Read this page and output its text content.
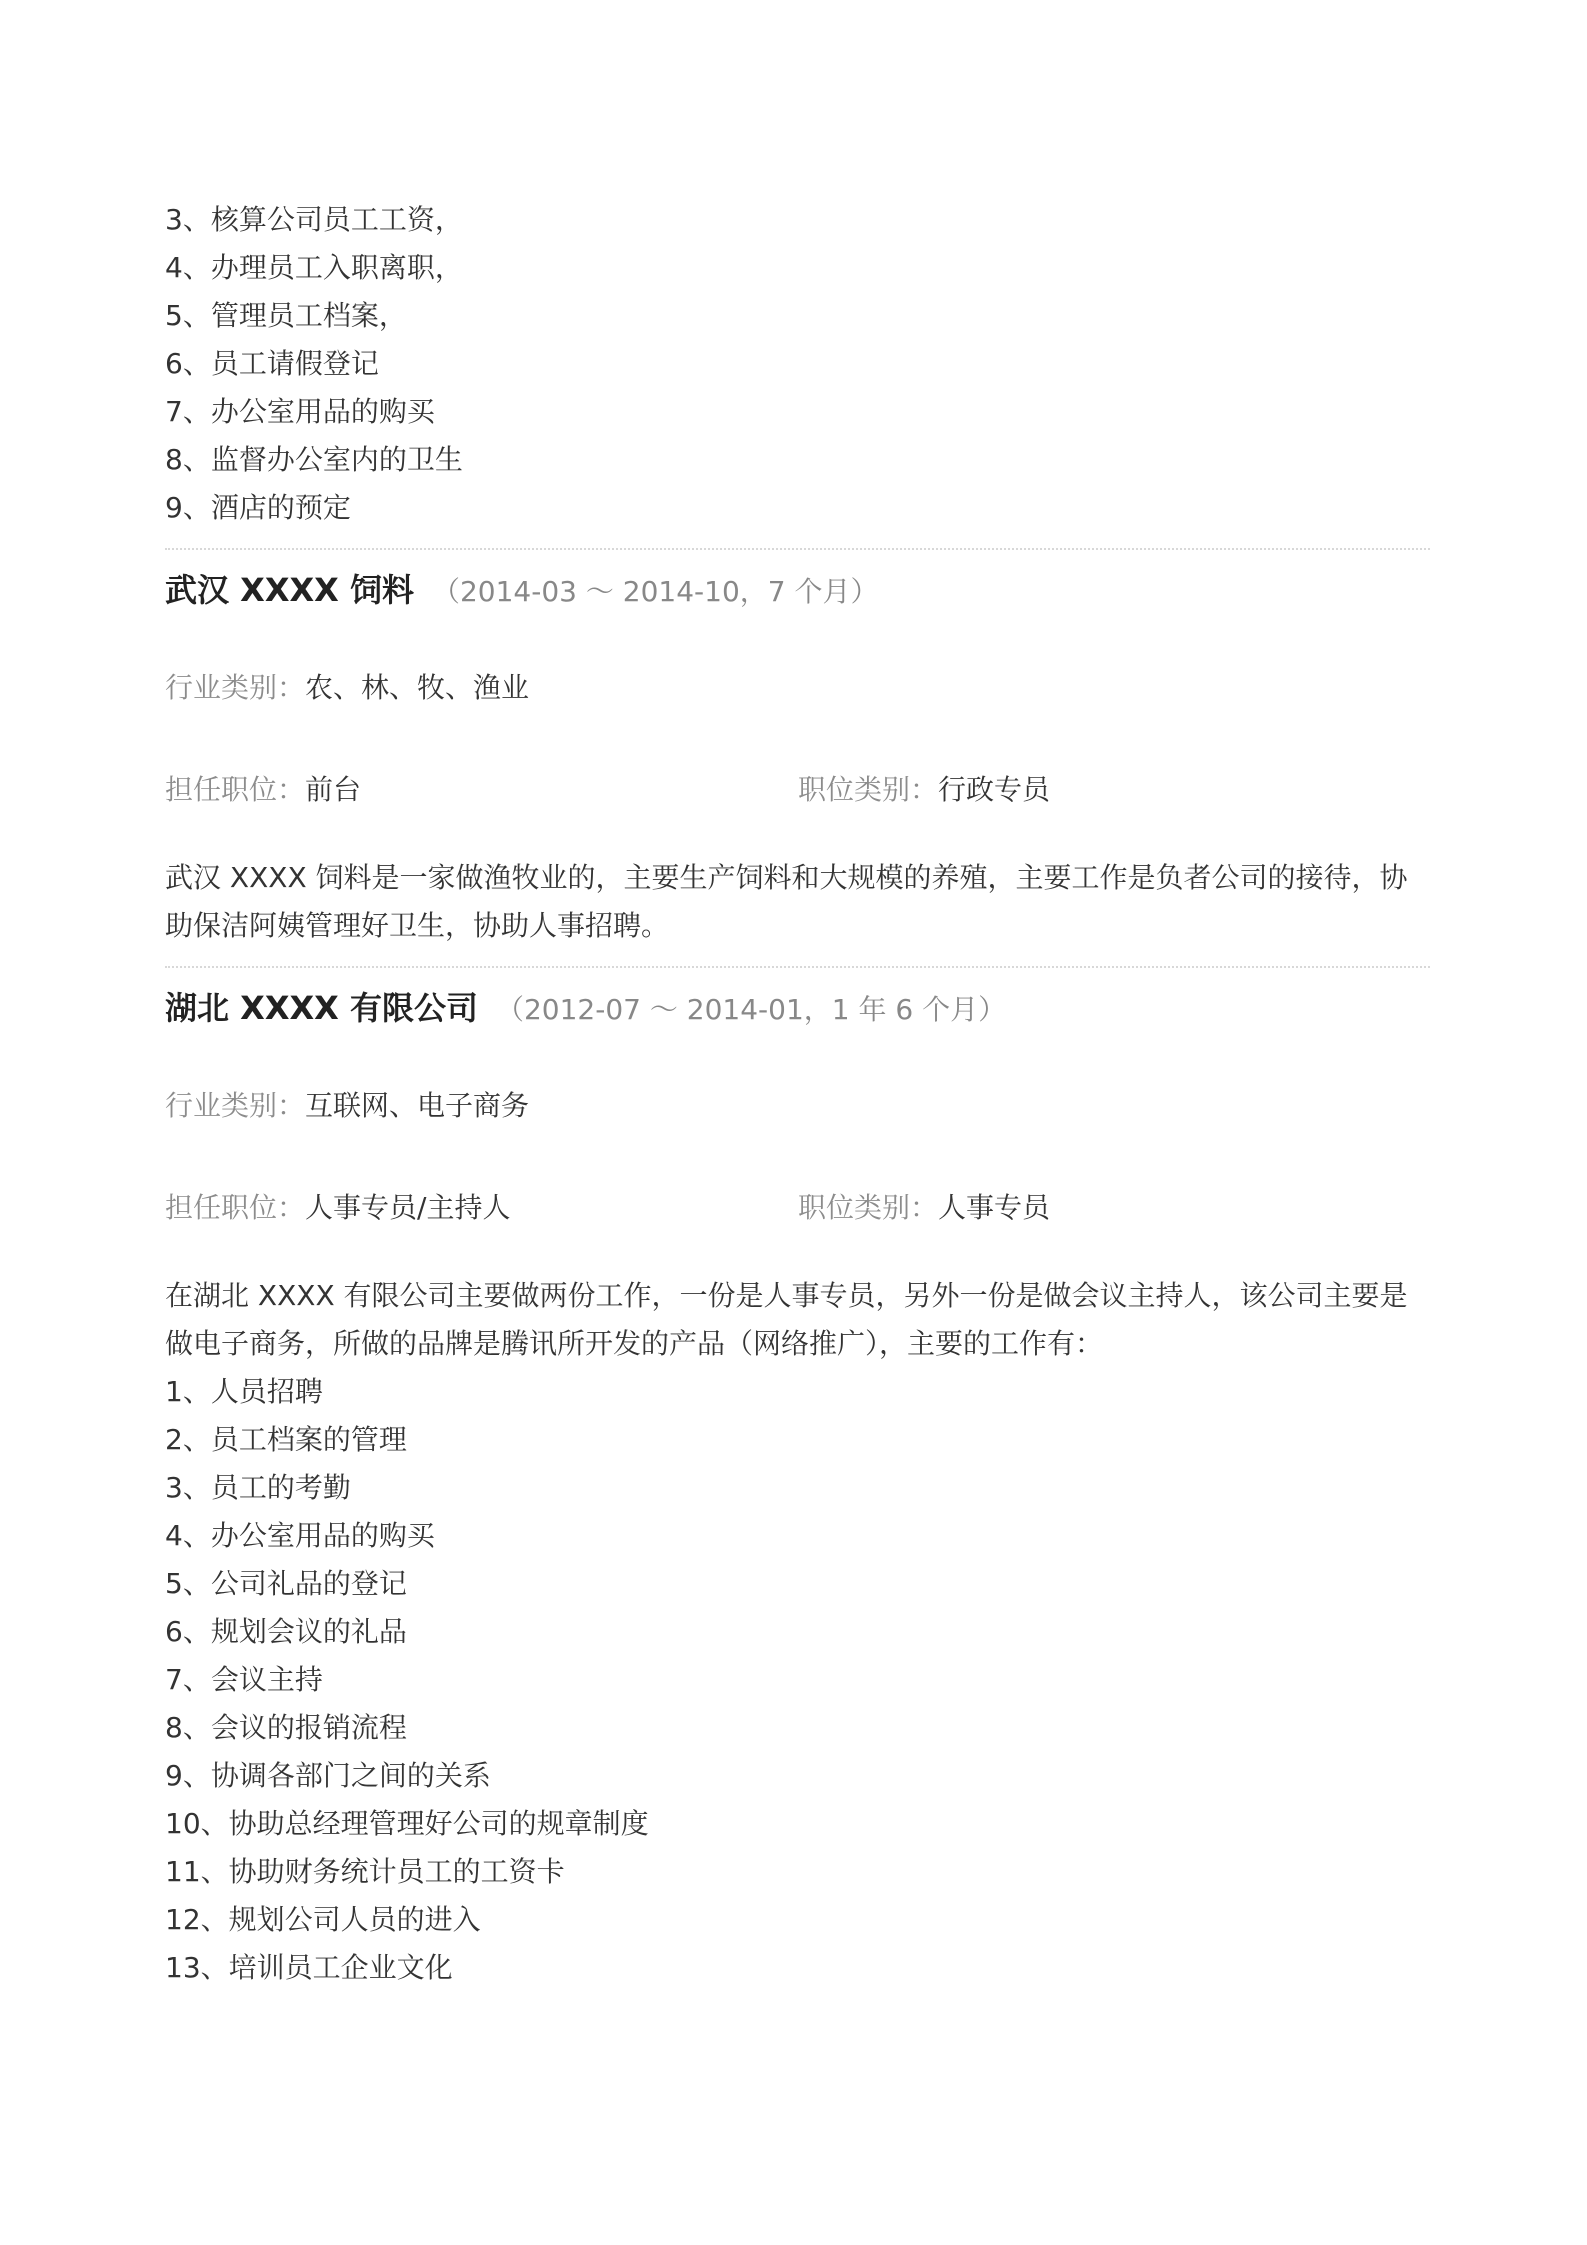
3、核算公司员工工资，
4、办理员工入职离职，
5、管理员工档案，
6、员工请假登记
7、办公室用品的购买
8、监督办公室内的卫生
9、酒店的预定
武汉 XXXX 饲料 （2014-03 ～ 2014-10，7 个月）
行业类别：农、林、牧、渔业
担任职位：前台	职位类别：行政专员
武汉 XXXX 饲料是一家做渔牧业的，主要生产饲料和大规模的养殖，主要工作是负者公司的接待，协
助保洁阿姨管理好卫生，协助人事招聘。
湖北 XXXX 有限公司 （2012-07 ～ 2014-01，1 年 6 个月）
行业类别：互联网、电子商务
担任职位：人事专员/主持人	职位类别：人事专员
在湖北 XXXX 有限公司主要做两份工作，一份是人事专员，另外一份是做会议主持人，该公司主要是
做电子商务，所做的品牌是腾讯所开发的产品（网络推广），主要的工作有：
1、人员招聘
2、员工档案的管理
3、员工的考勤
4、办公室用品的购买
5、公司礼品的登记
6、规划会议的礼品
7、会议主持
8、会议的报销流程
9、协调各部门之间的关系
10、协助总经理管理好公司的规章制度
11、协助财务统计员工的工资卡
12、规划公司人员的进入
13、培训员工企业文化
